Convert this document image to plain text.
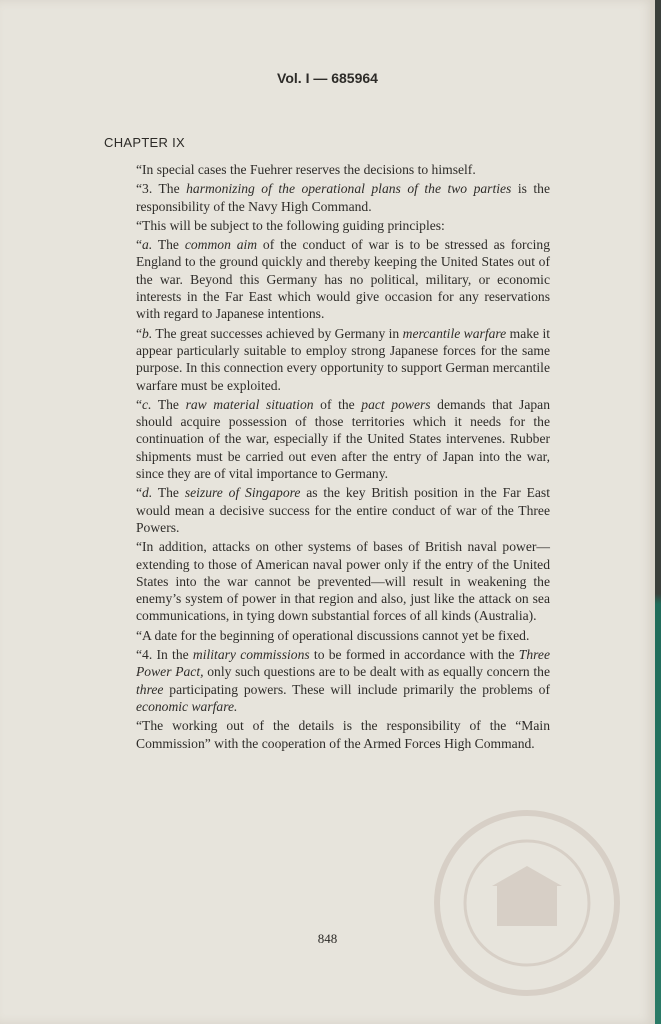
Vol. I — 685964
CHAPTER IX

“In special cases the Fuehrer reserves the decisions to himself.

“3. The harmonizing of the operational plans of the two parties is the responsibility of the Navy High Command.

“This will be subject to the following guiding principles:

“a. The common aim of the conduct of war is to be stressed as forcing England to the ground quickly and thereby keeping the United States out of the war. Beyond this Germany has no political, military, or economic interests in the Far East which would give occasion for any reservations with regard to Japanese intentions.

“b. The great successes achieved by Germany in mercantile warfare make it appear particularly suitable to employ strong Japanese forces for the same purpose. In this connection every opportunity to support German mercantile warfare must be exploited.

“c. The raw material situation of the pact powers demands that Japan should acquire possession of those territories which it needs for the continuation of the war, especially if the United States intervenes. Rubber shipments must be carried out even after the entry of Japan into the war, since they are of vital importance to Germany.

“d. The seizure of Singapore as the key British position in the Far East would mean a decisive success for the entire conduct of war of the Three Powers.

“In addition, attacks on other systems of bases of British naval power—extending to those of American naval power only if the entry of the United States into the war cannot be prevented—will result in weakening the enemy’s system of power in that region and also, just like the attack on sea communications, in tying down substantial forces of all kinds (Australia).

“A date for the beginning of operational discussions cannot yet be fixed.

“4. In the military commissions to be formed in accordance with the Three Power Pact, only such questions are to be dealt with as equally concern the three participating powers. These will include primarily the problems of economic warfare.

“The working out of the details is the responsibility of the “Main Commission” with the cooperation of the Armed Forces High Command.

848
